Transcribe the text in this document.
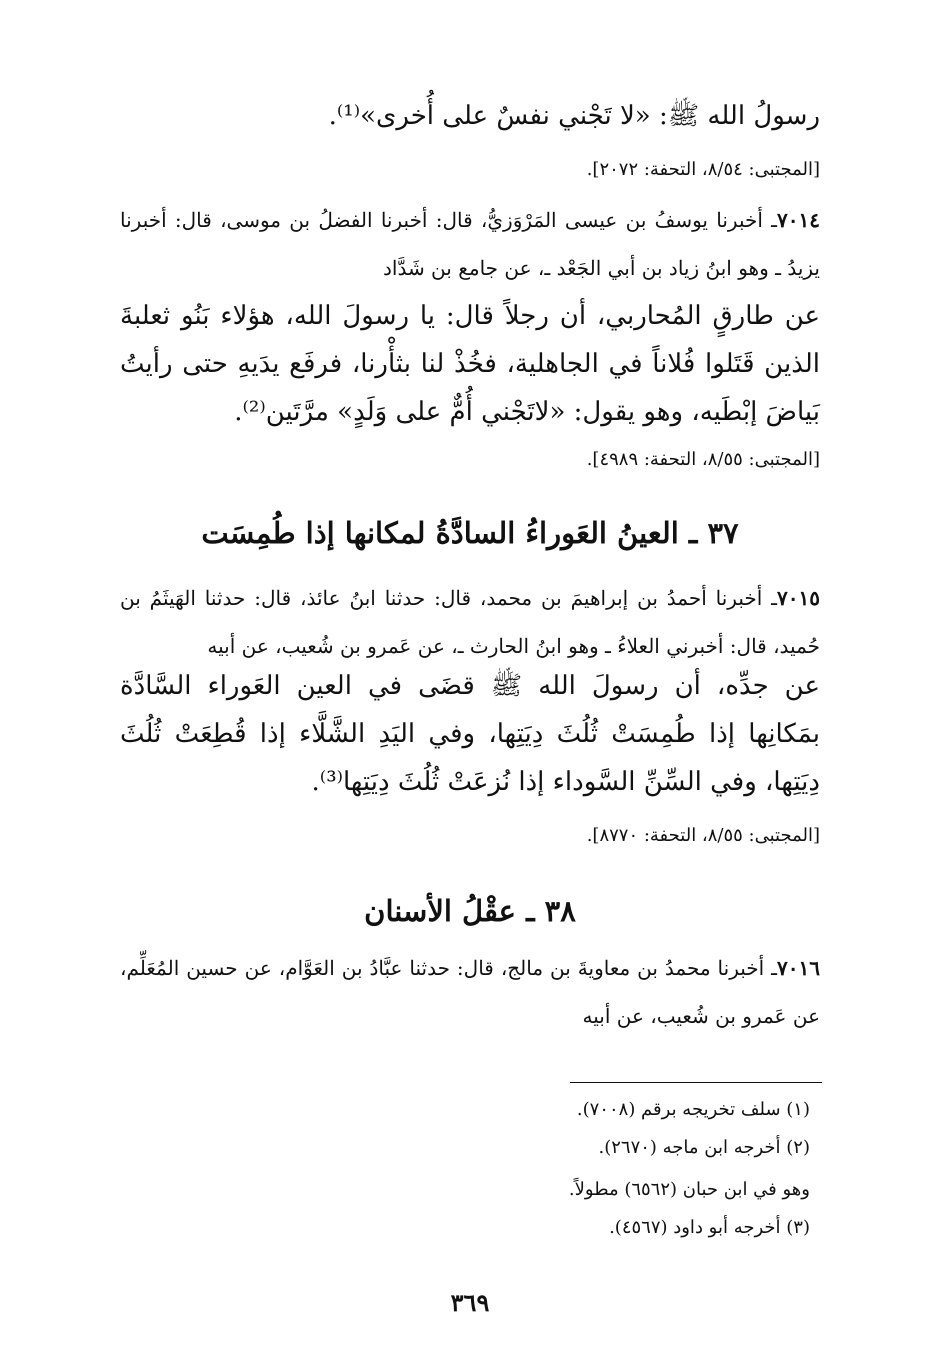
رسولُ الله ﷺ: «لا تَجْني نفسٌ على أُخرى»⁽¹⁾.
[المجتبى: ٨/٥٤، التحفة: ٢٠٧٢].
٧٠١٤ـ أخبرنا يوسفُ بن عيسى المَرْوَزيُّ، قال: أخبرنا الفضلُ بن موسى، قال: أخبرنا يزيدُ ـ وهو ابنُ زياد بن أبي الجَعْد ـ، عن جامع بن شَدَّاد
عن طارقٍ المُحاربي، أن رجلاً قال: يا رسولَ الله، هؤلاء بَنُو ثعلبةَ الذين قَتَلوا فُلاناً في الجاهلية، فخُذْ لنا بثأْرنا، فرفَع يدَيهِ حتى رأيتُ بَياضَ إبْطَيه، وهو يقول: «لاتَجْني أُمٌّ على وَلَدٍ» مرَّتَين⁽²⁾.
[المجتبى: ٨/٥٥، التحفة: ٤٩٨٩].
٣٧ ـ العينُ العَوراءُ السادَّةُ لمكانها إذا طُمِسَت
٧٠١٥ـ أخبرنا أحمدُ بن إبراهيمَ بن محمد، قال: حدثنا ابنُ عائذ، قال: حدثنا الهَيثَمُ بن حُميد، قال: أخبرني العلاءُ ـ وهو ابنُ الحارث ـ، عن عَمرو بن شُعيب، عن أبيه
عن جدِّه، أن رسولَ الله ﷺ قضَى في العين العَوراء السَّادَّة بمَكانِها إذا طُمِسَتْ ثُلُثَ دِيَتِها، وفي اليَدِ الشَّلَّاء إذا قُطِعَتْ ثُلُثَ دِيَتِها، وفي السِّنِّ السَّوداء إذا نُزعَتْ ثُلُثَ دِيَتِها⁽³⁾.
[المجتبى: ٨/٥٥، التحفة: ٨٧٧٠].
٣٨ ـ عقْلُ الأسنان
٧٠١٦ـ أخبرنا محمدُ بن معاويةَ بن مالج، قال: حدثنا عبَّادُ بن العَوَّام، عن حسين المُعَلِّم، عن عَمرو بن شُعيب، عن أبيه
(١) سلف تخريجه برقم (٧٠٠٨).
(٢) أخرجه ابن ماجه (٢٦٧٠).
وهو في ابن حبان (٦٥٦٢) مطولاً.
(٣) أخرجه أبو داود (٤٥٦٧).
٣٦٩
